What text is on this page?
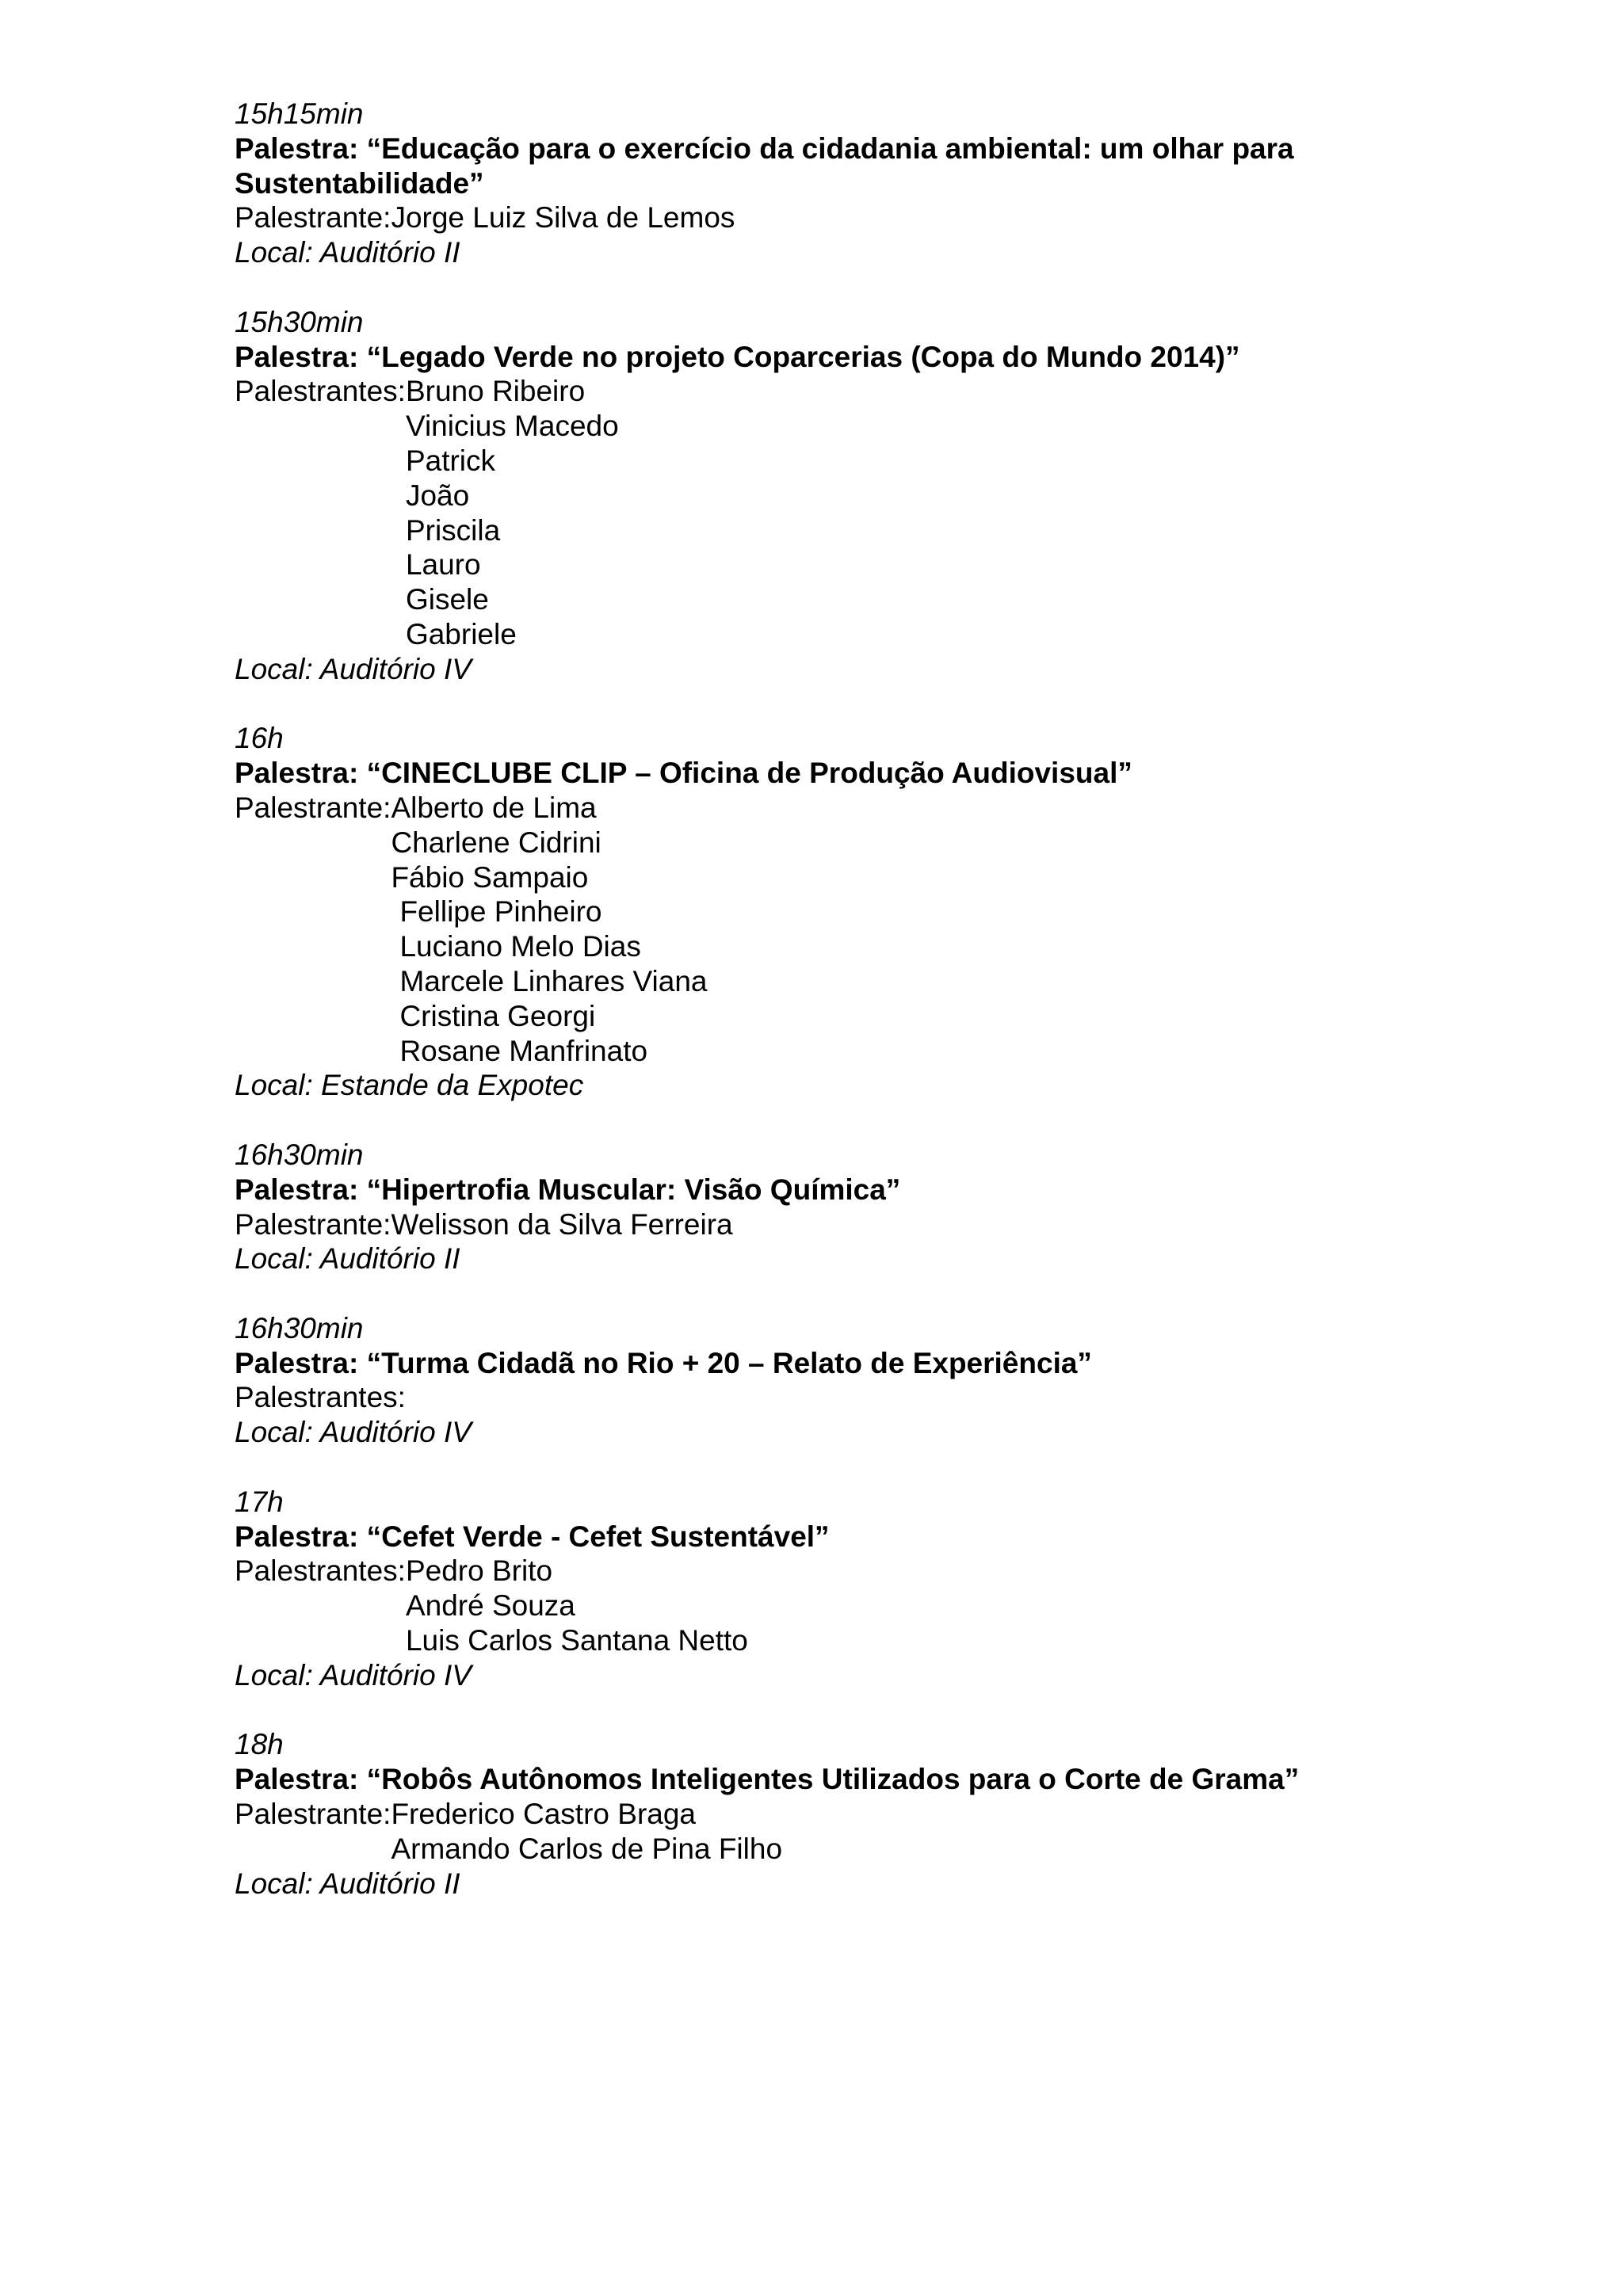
15h15min
Palestra: “Educação para o exercício da cidadania ambiental: um olhar para Sustentabilidade”
Palestrante: Jorge Luiz Silva de Lemos
Local: Auditório II
15h30min
Palestra: “Legado Verde no projeto Coparcerias (Copa do Mundo 2014)”
Palestrantes: Bruno Ribeiro
Vinicius Macedo
Patrick
João
Priscila
Lauro
Gisele
Gabriele
Local: Auditório IV
16h
Palestra: “CINECLUBE CLIP – Oficina de Produção Audiovisual”
Palestrante: Alberto de Lima
Charlene Cidrini
Fábio Sampaio
Fellipe Pinheiro
Luciano Melo Dias
Marcele Linhares Viana
Cristina Georgi
Rosane Manfrinato
Local: Estande da Expotec
16h30min
Palestra: “Hipertrofia Muscular: Visão Química”
Palestrante: Welisson da Silva Ferreira
Local: Auditório II
16h30min
Palestra: “Turma Cidadã no Rio + 20 – Relato de Experiência”
Palestrantes:
Local: Auditório IV
17h
Palestra: “Cefet Verde - Cefet Sustentável”
Palestrantes: Pedro Brito
André Souza
Luis Carlos Santana Netto
Local: Auditório IV
18h
Palestra: “Robôs Autônomos Inteligentes Utilizados para o Corte de Grama”
Palestrante: Frederico Castro Braga
Armando Carlos de Pina Filho
Local: Auditório II
